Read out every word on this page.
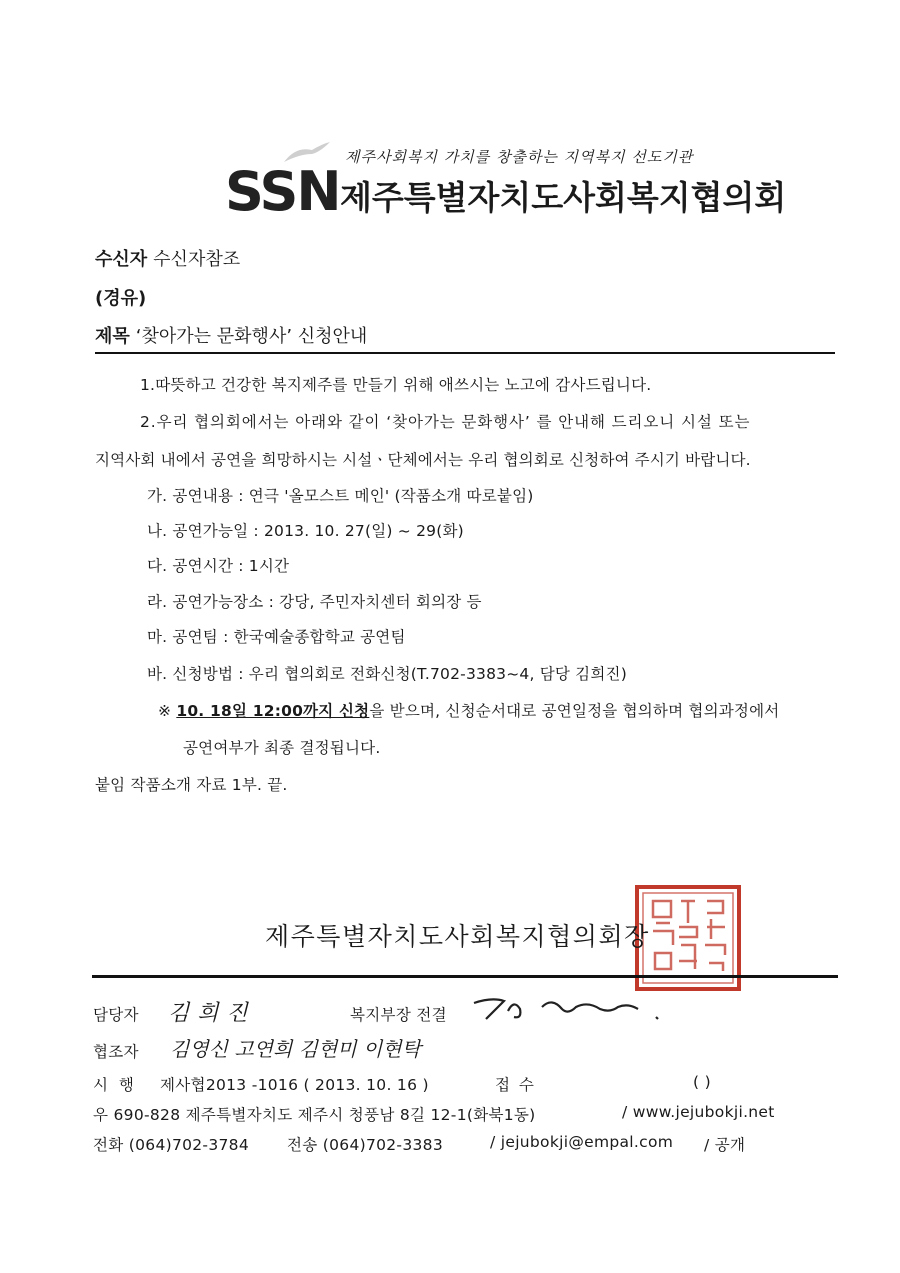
제주사회복지 가치를 창출하는 지역복지 선도기관
SSN 제주특별자치도사회복지협의회
수신자 수신자참조
(경유)
제목 ‘찾아가는 문화행사’ 신청안내
1.따뜻하고 건강한 복지제주를 만들기 위해 애쓰시는 노고에 감사드립니다.
2.우리 협의회에서는 아래와 같이 ‘찾아가는 문화행사’ 를 안내해 드리오니 시설 또는
지역사회 내에서 공연을 희망하시는 시설ㆍ단체에서는 우리 협의회로 신청하여 주시기 바랍니다.
가. 공연내용 : 연극 '올모스트 메인' (작품소개 따로붙임)
나. 공연가능일 : 2013. 10. 27(일) ~ 29(화)
다. 공연시간 : 1시간
라. 공연가능장소 : 강당, 주민자치센터 회의장 등
마. 공연팀 : 한국예술종합학교 공연팀
바. 신청방법 : 우리 협의회로 전화신청(T.702-3383~4, 담당 김희진)
※ 10. 18일 12:00까지 신청을 받으며, 신청순서대로 공연일정을 협의하며 협의과정에서
공연여부가 최종 결정됩니다.
붙임 작품소개 자료 1부. 끝.
제주특별자치도사회복지협의회장
담당자 김희진	복지부장 전결
협조자 김영신 고연희 김현미 이현탁
시 행 제사협2013 -1016 ( 2013. 10. 16 )	접 수	( )
우 690-828 제주특별자치도 제주시 청풍남 8길 12-1(화북1동)	/ www.jejubokji.net
전화 (064)702-3784 전송 (064)702-3383	/ jejubokji@empal.com / 공개
